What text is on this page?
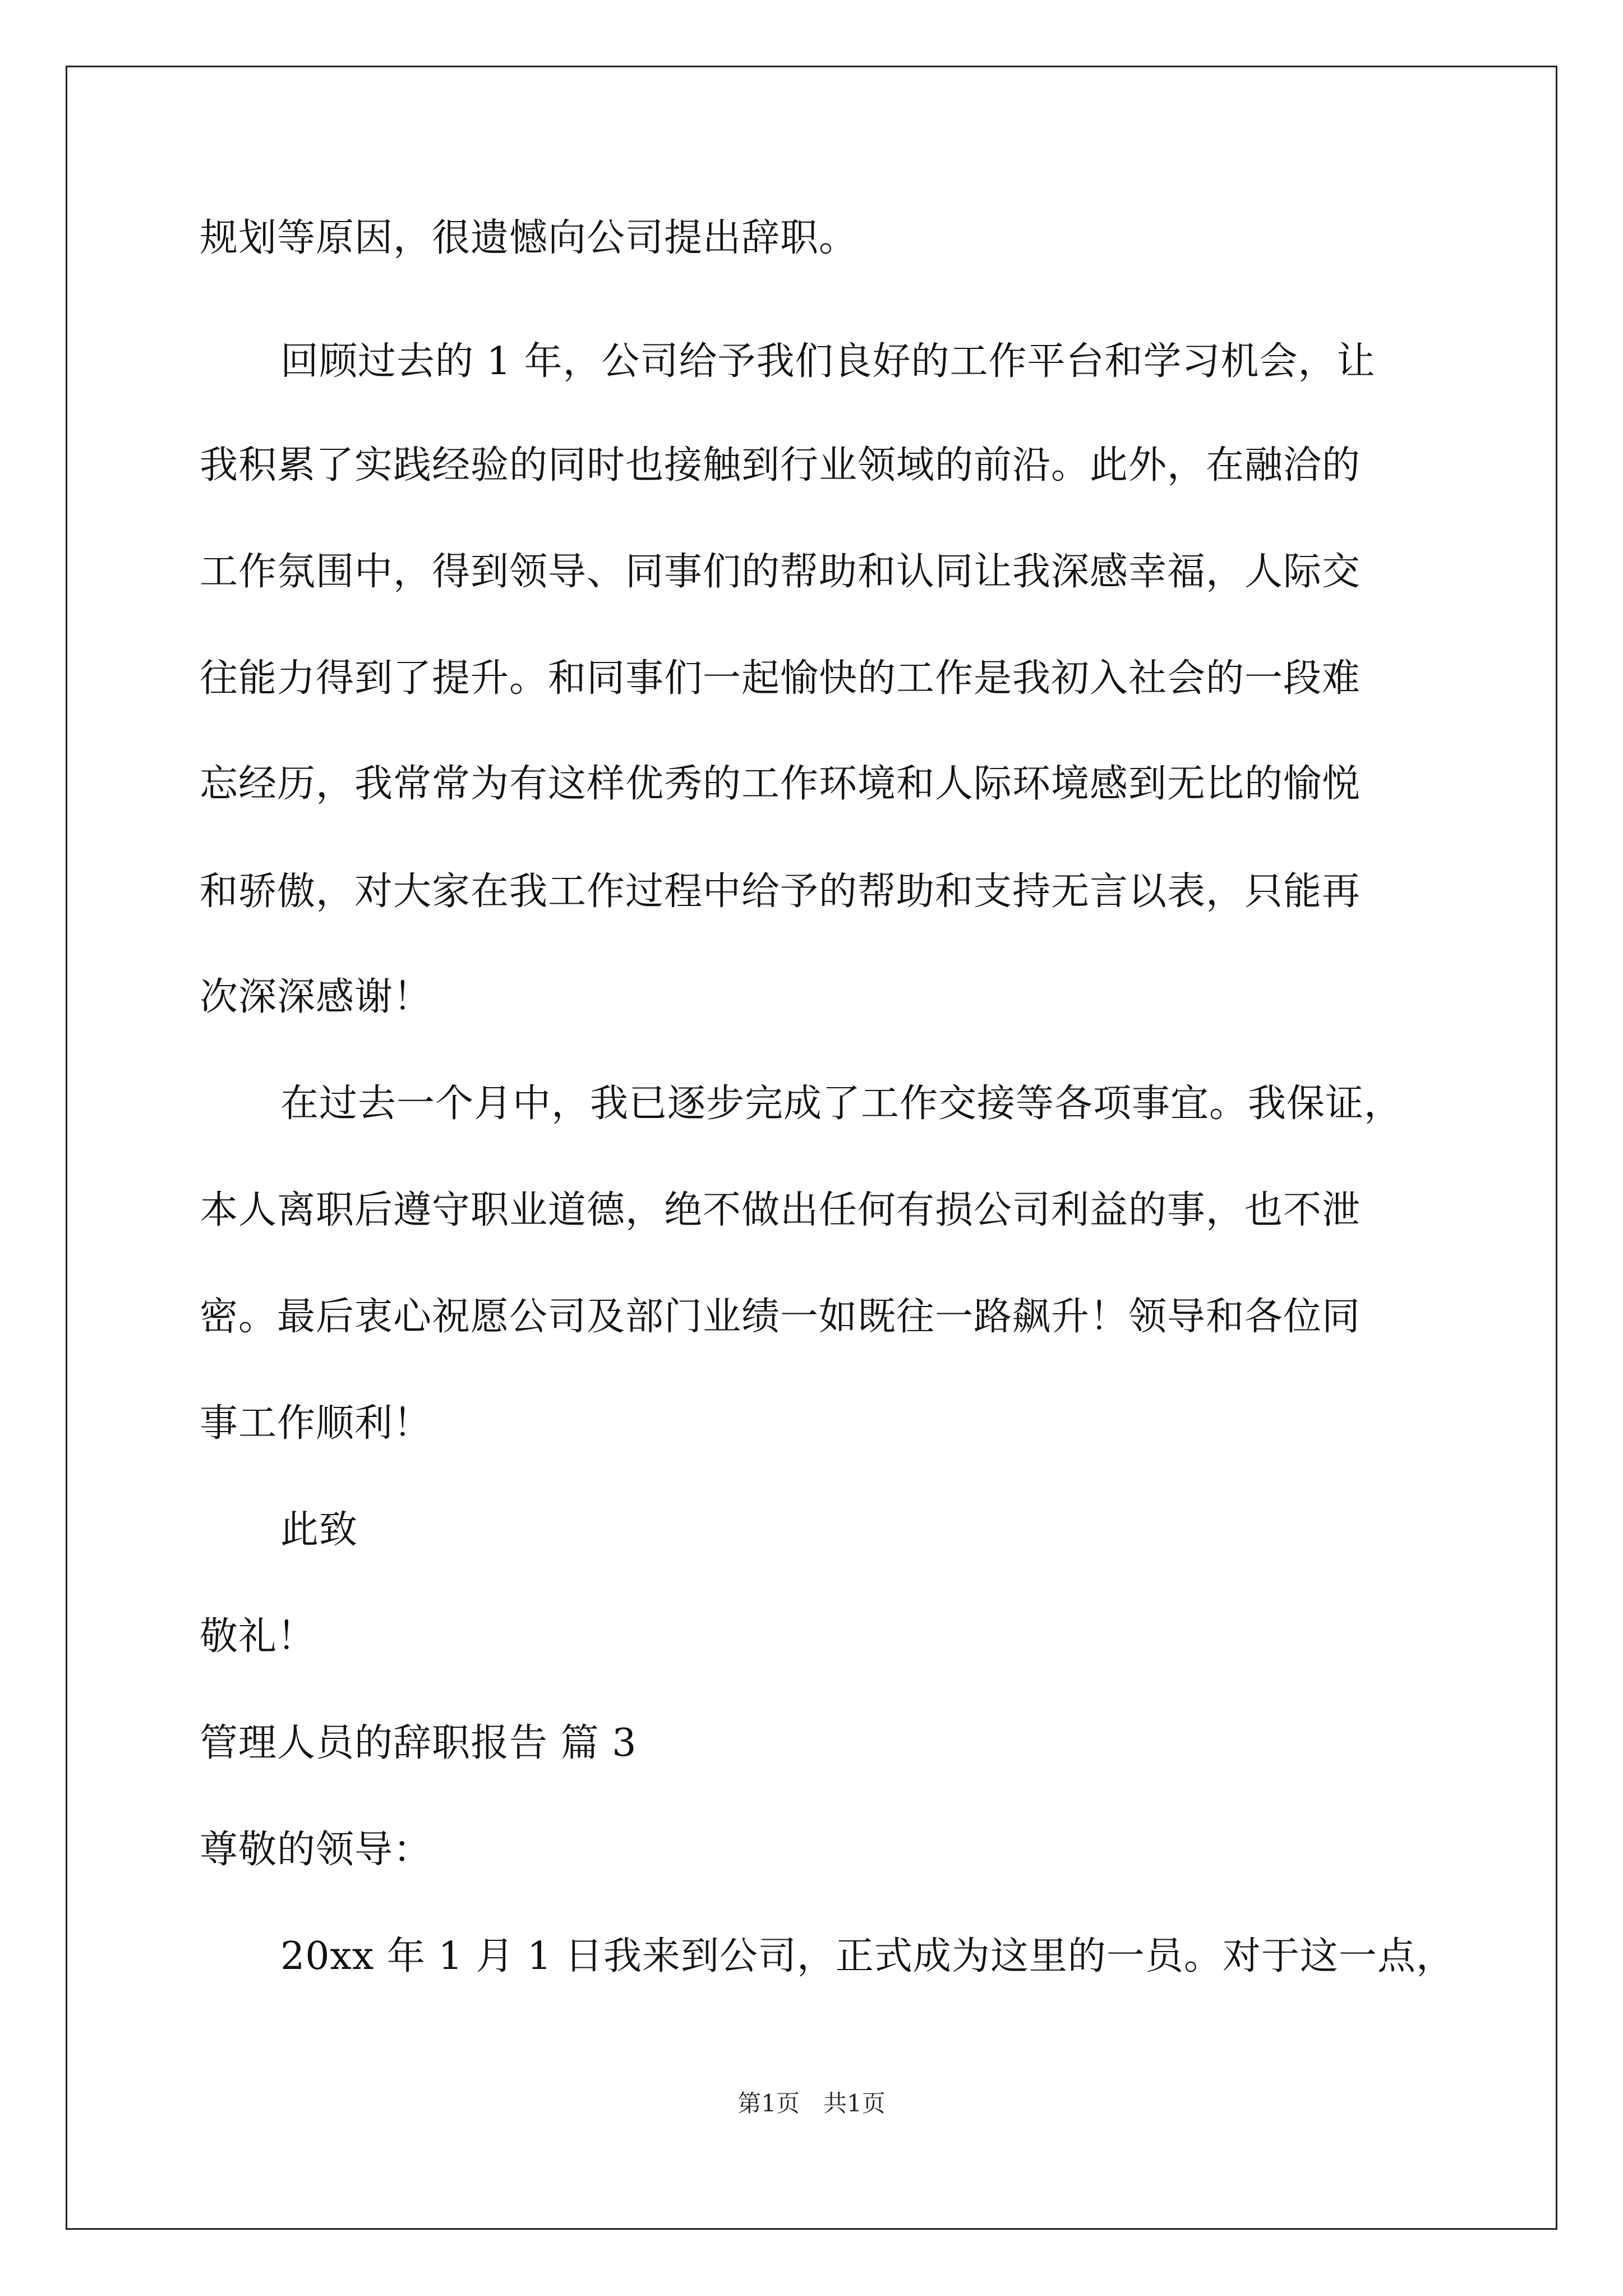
规划等原因，很遗憾向公司提出辞职。
回顾过去的 1 年，公司给予我们良好的工作平台和学习机会，让
我积累了实践经验的同时也接触到行业领域的前沿。此外，在融洽的
工作氛围中，得到领导、同事们的帮助和认同让我深感幸福，人际交
往能力得到了提升。和同事们一起愉快的工作是我初入社会的一段难
忘经历，我常常为有这样优秀的工作环境和人际环境感到无比的愉悦
和骄傲，对大家在我工作过程中给予的帮助和支持无言以表，只能再
次深深感谢！
在过去一个月中，我已逐步完成了工作交接等各项事宜。我保证，
本人离职后遵守职业道德，绝不做出任何有损公司利益的事，也不泄
密。最后衷心祝愿公司及部门业绩一如既往一路飙升！领导和各位同
事工作顺利！
此致
敬礼！
管理人员的辞职报告 篇 3
尊敬的领导：
20xx 年 1 月 1 日我来到公司，正式成为这里的一员。对于这一点，
第1页　共1页
